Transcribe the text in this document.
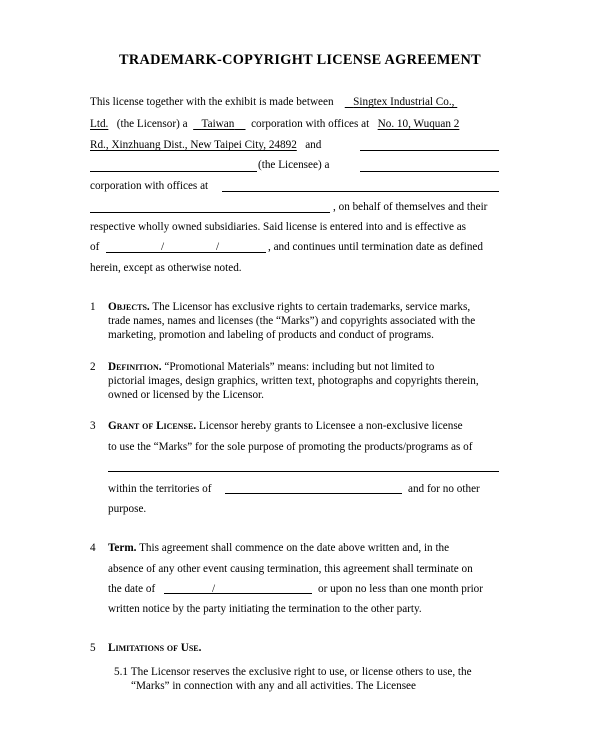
TRADEMARK-COPYRIGHT LICENSE AGREEMENT
This license together with the exhibit is made between Singtex Industrial Co.,
Ltd. (the Licensor) a Taiwan corporation with offices at No. 10, Wuquan 2
Rd., Xinzhuang Dist., New Taipei City, 24892 and
(the Licensee) a
corporation with offices at
, on behalf of themselves and their
respective wholly owned subsidiaries. Said license is entered into and is effective as
of	/	/	, and continues until termination date as defined
herein, except as otherwise noted.
1 Objects. The Licensor has exclusive rights to certain trademarks, service marks,
trade names, names and licenses (the “Marks”) and copyrights associated with the
marketing, promotion and labeling of products and conduct of programs.
2 Definition. “Promotional Materials” means: including but not limited to
pictorial images, design graphics, written text, photographs and copyrights therein,
owned or licensed by the Licensor.
3 Grant of License. Licensor hereby grants to Licensee a non-exclusive license
to use the “Marks” for the sole purpose of promoting the products/programs as of
within the territories of	and for no other
purpose.
4 Term. This agreement shall commence on the date above written and, in the
absence of any other event causing termination, this agreement shall terminate on
the date of	/	or upon no less than one month prior
written notice by the party initiating the termination to the other party.
5 Limitations of Use.
5.1 The Licensor reserves the exclusive right to use, or license others to use, the
“Marks” in connection with any and all activities. The Licensee
